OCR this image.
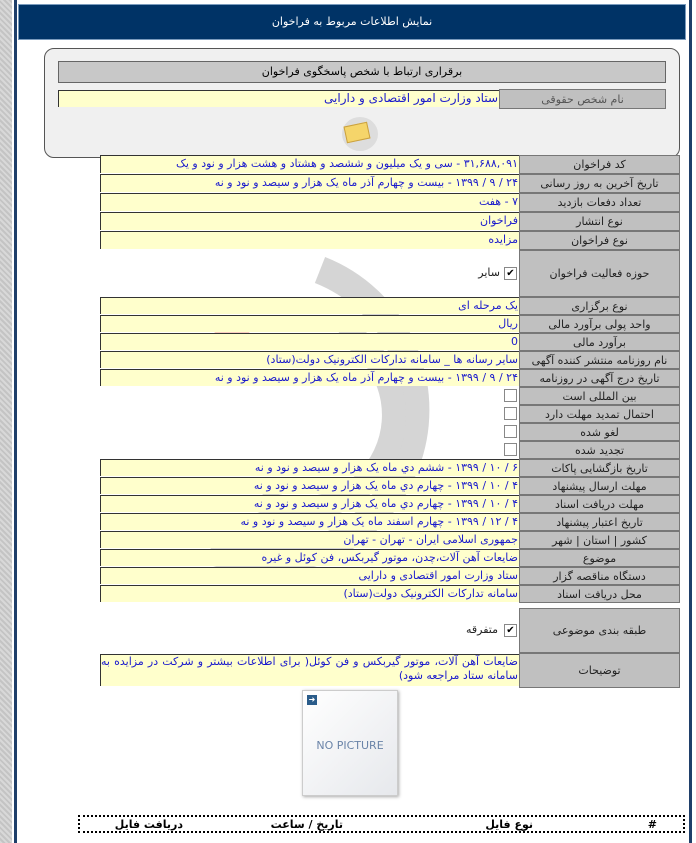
نمایش اطلاعات مربوط به فراخوان
برقراری ارتباط با شخص پاسخگوی فراخوان
نام شخص حقوقی
ستاد وزارت امور اقتصادی و دارایی
کد فراخوان
۳۱,۶۸۸,۰۹۱ - سی و یک میلیون و ششصد و هشتاد و هشت هزار و نود و یک
تاریخ آخرین به روز رسانی
۲۴ / ۹ / ۱۳۹۹ - بیست و چهارم آذر ماه یک هزار و سیصد و نود و نه
تعداد دفعات بازدید
۷ - هفت
نوع انتشار
فراخوان
نوع فراخوان
مزایده
حوزه فعالیت فراخوان
✔
سایر
نوع برگزاری
یک مرحله ای
واحد پولی برآورد مالی
ریال
برآورد مالی
0
نام روزنامه منتشر کننده آگهی
سایر رسانه ها _ سامانه تدارکات الکترونیک دولت(ستاد)
تاریخ درج آگهی در روزنامه
۲۴ / ۹ / ۱۳۹۹ - بیست و چهارم آذر ماه یک هزار و سیصد و نود و نه
بین المللی است
احتمال تمدید مهلت دارد
لغو شده
تجدید شده
تاریخ بازگشایی پاکات
۶ / ۱۰ / ۱۳۹۹ - ششم دي ماه یک هزار و سیصد و نود و نه
مهلت ارسال پیشنهاد
۴ / ۱۰ / ۱۳۹۹ - چهارم دي ماه یک هزار و سیصد و نود و نه
مهلت دریافت اسناد
۴ / ۱۰ / ۱۳۹۹ - چهارم دي ماه یک هزار و سیصد و نود و نه
تاریخ اعتبار پیشنهاد
۴ / ۱۲ / ۱۳۹۹ - چهارم اسفند ماه یک هزار و سیصد و نود و نه
کشور | استان | شهر
جمهوری اسلامی ایران - تهران - تهران
موضوع
ضایعات آهن آلات،چدن، موتور گیربکس، فن کوئل و غیره
دستگاه مناقصه گزار
ستاد وزارت امور اقتصادی و دارایی
محل دریافت اسناد
سامانه تدارکات الکترونیک دولت(ستاد)
طبقه بندی موضوعی
✔
متفرقه
توضیحات
ضایعات آهن آلات، موتور گیربکس و فن کوئل( برای اطلاعات بیشتر و شرکت در مزایده به سامانه ستاد مراجعه شود)
➜
NO PICTURE
#
نوع فایل
تاریخ / ساعت
دریافت فایل
